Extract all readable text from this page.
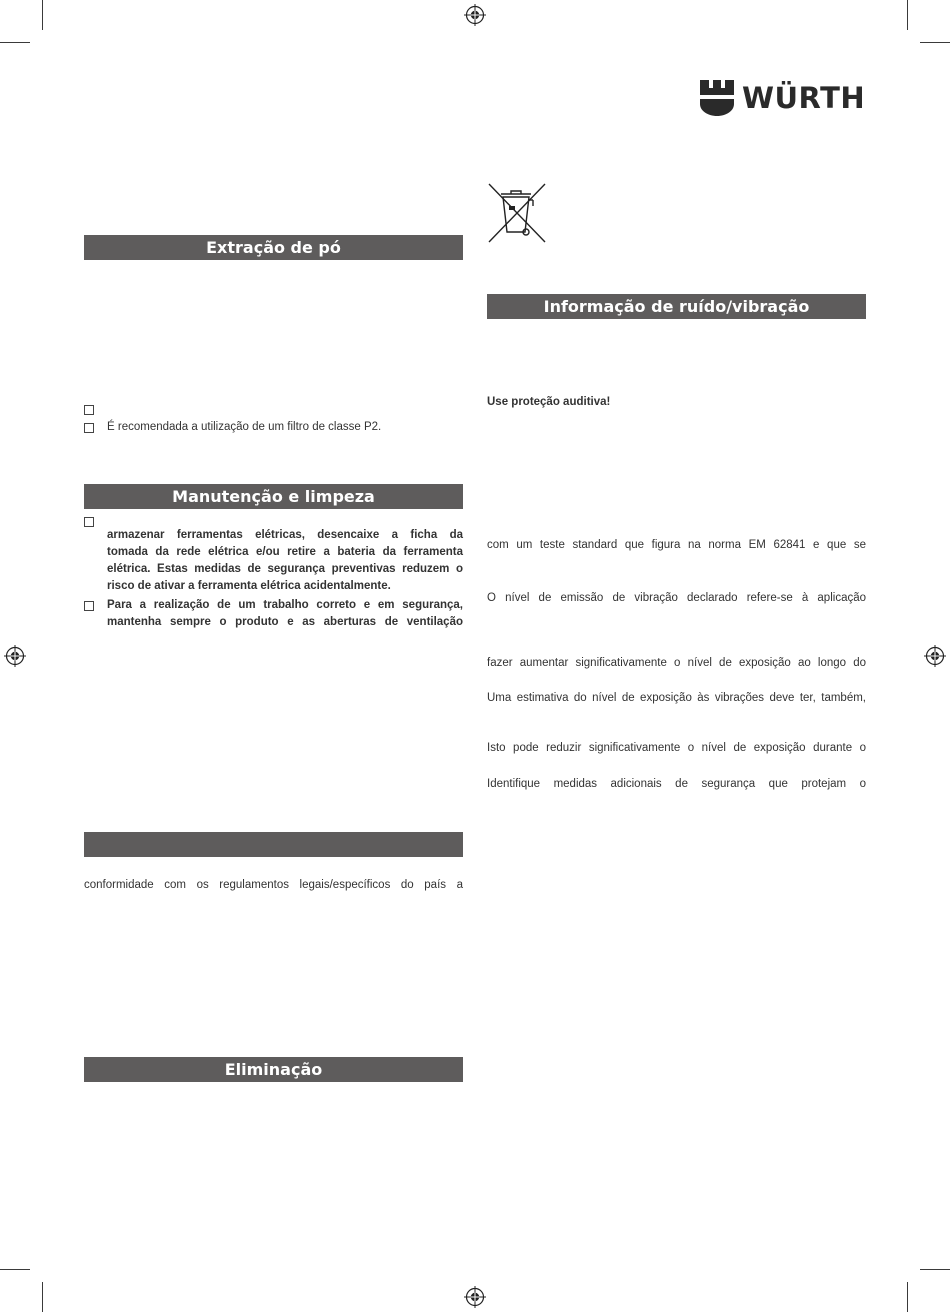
WÜRTH
Extração de pó
É recomendada a utilização de um filtro de classe P2.
Manutenção e limpeza
armazenar ferramentas elétricas, desencaixe a ficha da
tomada da rede elétrica e/ou retire a bateria da ferramenta
elétrica. Estas medidas de segurança preventivas reduzem o
risco de ativar a ferramenta elétrica acidentalmente.
Para a realização de um trabalho correto e em segurança,
mantenha sempre o produto e as aberturas de ventilação
conformidade com os regulamentos legais/específicos do país a
Eliminação
Informação de ruído/vibração
Use proteção auditiva!
com um teste standard que figura na norma EM 62841 e que se
O nível de emissão de vibração declarado refere-se à aplicação
fazer aumentar significativamente o nível de exposição ao longo do
Uma estimativa do nível de exposição às vibrações deve ter, também,
Isto pode reduzir significativamente o nível de exposição durante o
Identifique medidas adicionais de segurança que protejam o
